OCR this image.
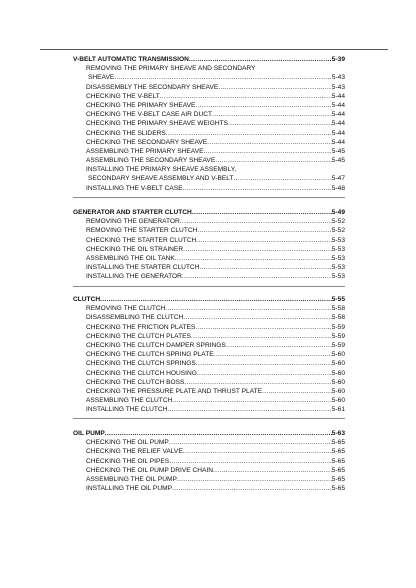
V-BELT AUTOMATIC TRANSMISSION .....	5-39
REMOVING THE PRIMARY SHEAVE AND SECONDARY
SHEAVE .....	5-43
DISASSEMBLY THE SECONDARY SHEAVE .....	5-43
CHECKING THE V-BELT .....	5-44
CHECKING THE PRIMARY SHEAVE .....	5-44
CHECKING THE V-BELT CASE AIR DUCT .....	5-44
CHECKING THE PRIMARY SHEAVE WEIGHTS .....	5-44
CHECKING THE SLIDERS .....	5-44
CHECKING THE SECONDARY SHEAVE .....	5-44
ASSEMBLING THE PRIMARY SHEAVE .....	5-45
ASSEMBLING THE SECONDARY SHEAVE .....	5-45
INSTALLING THE PRIMARY SHEAVE ASSEMBLY,
SECONDARY SHEAVE ASSEMBLY AND V-BELT .....	5-47
INSTALLING THE V-BELT CASE .....	5-48
GENERATOR AND STARTER CLUTCH .....	5-49
REMOVING THE GENERATOR .....	5-52
REMOVING THE STARTER CLUTCH .....	5-52
CHECKING THE STARTER CLUTCH .....	5-53
CHECKING THE OIL STRAINER .....	5-53
ASSEMBLING THE OIL TANK .....	5-53
INSTALLING THE STARTER CLUTCH .....	5-53
INSTALLING THE GENERATOR .....	5-53
CLUTCH .....	5-55
REMOVING THE CLUTCH .....	5-58
DISASSEMBLING THE CLUTCH .....	5-58
CHECKING THE FRICTION PLATES .....	5-59
CHECKING THE CLUTCH PLATES .....	5-59
CHECKING THE CLUTCH DAMPER SPRINGS .....	5-59
CHECKING THE CLUTCH SPRING PLATE .....	5-60
CHECKING THE CLUTCH SPRINGS .....	5-60
CHECKING THE CLUTCH HOUSING .....	5-60
CHECKING THE CLUTCH BOSS .....	5-60
CHECKING THE PRESSURE PLATE AND THRUST PLATE .....	5-60
ASSEMBLING THE CLUTCH .....	5-60
INSTALLING THE CLUTCH .....	5-61
OIL PUMP .....	5-63
CHECKING THE OIL PUMP .....	5-65
CHECKING THE RELIEF VALVE .....	5-65
CHECKING THE OIL PIPES .....	5-65
CHECKING THE OIL PUMP DRIVE CHAIN .....	5-65
ASSEMBLING THE OIL PUMP .....	5-65
INSTALLING THE OIL PUMP .....	5-65
